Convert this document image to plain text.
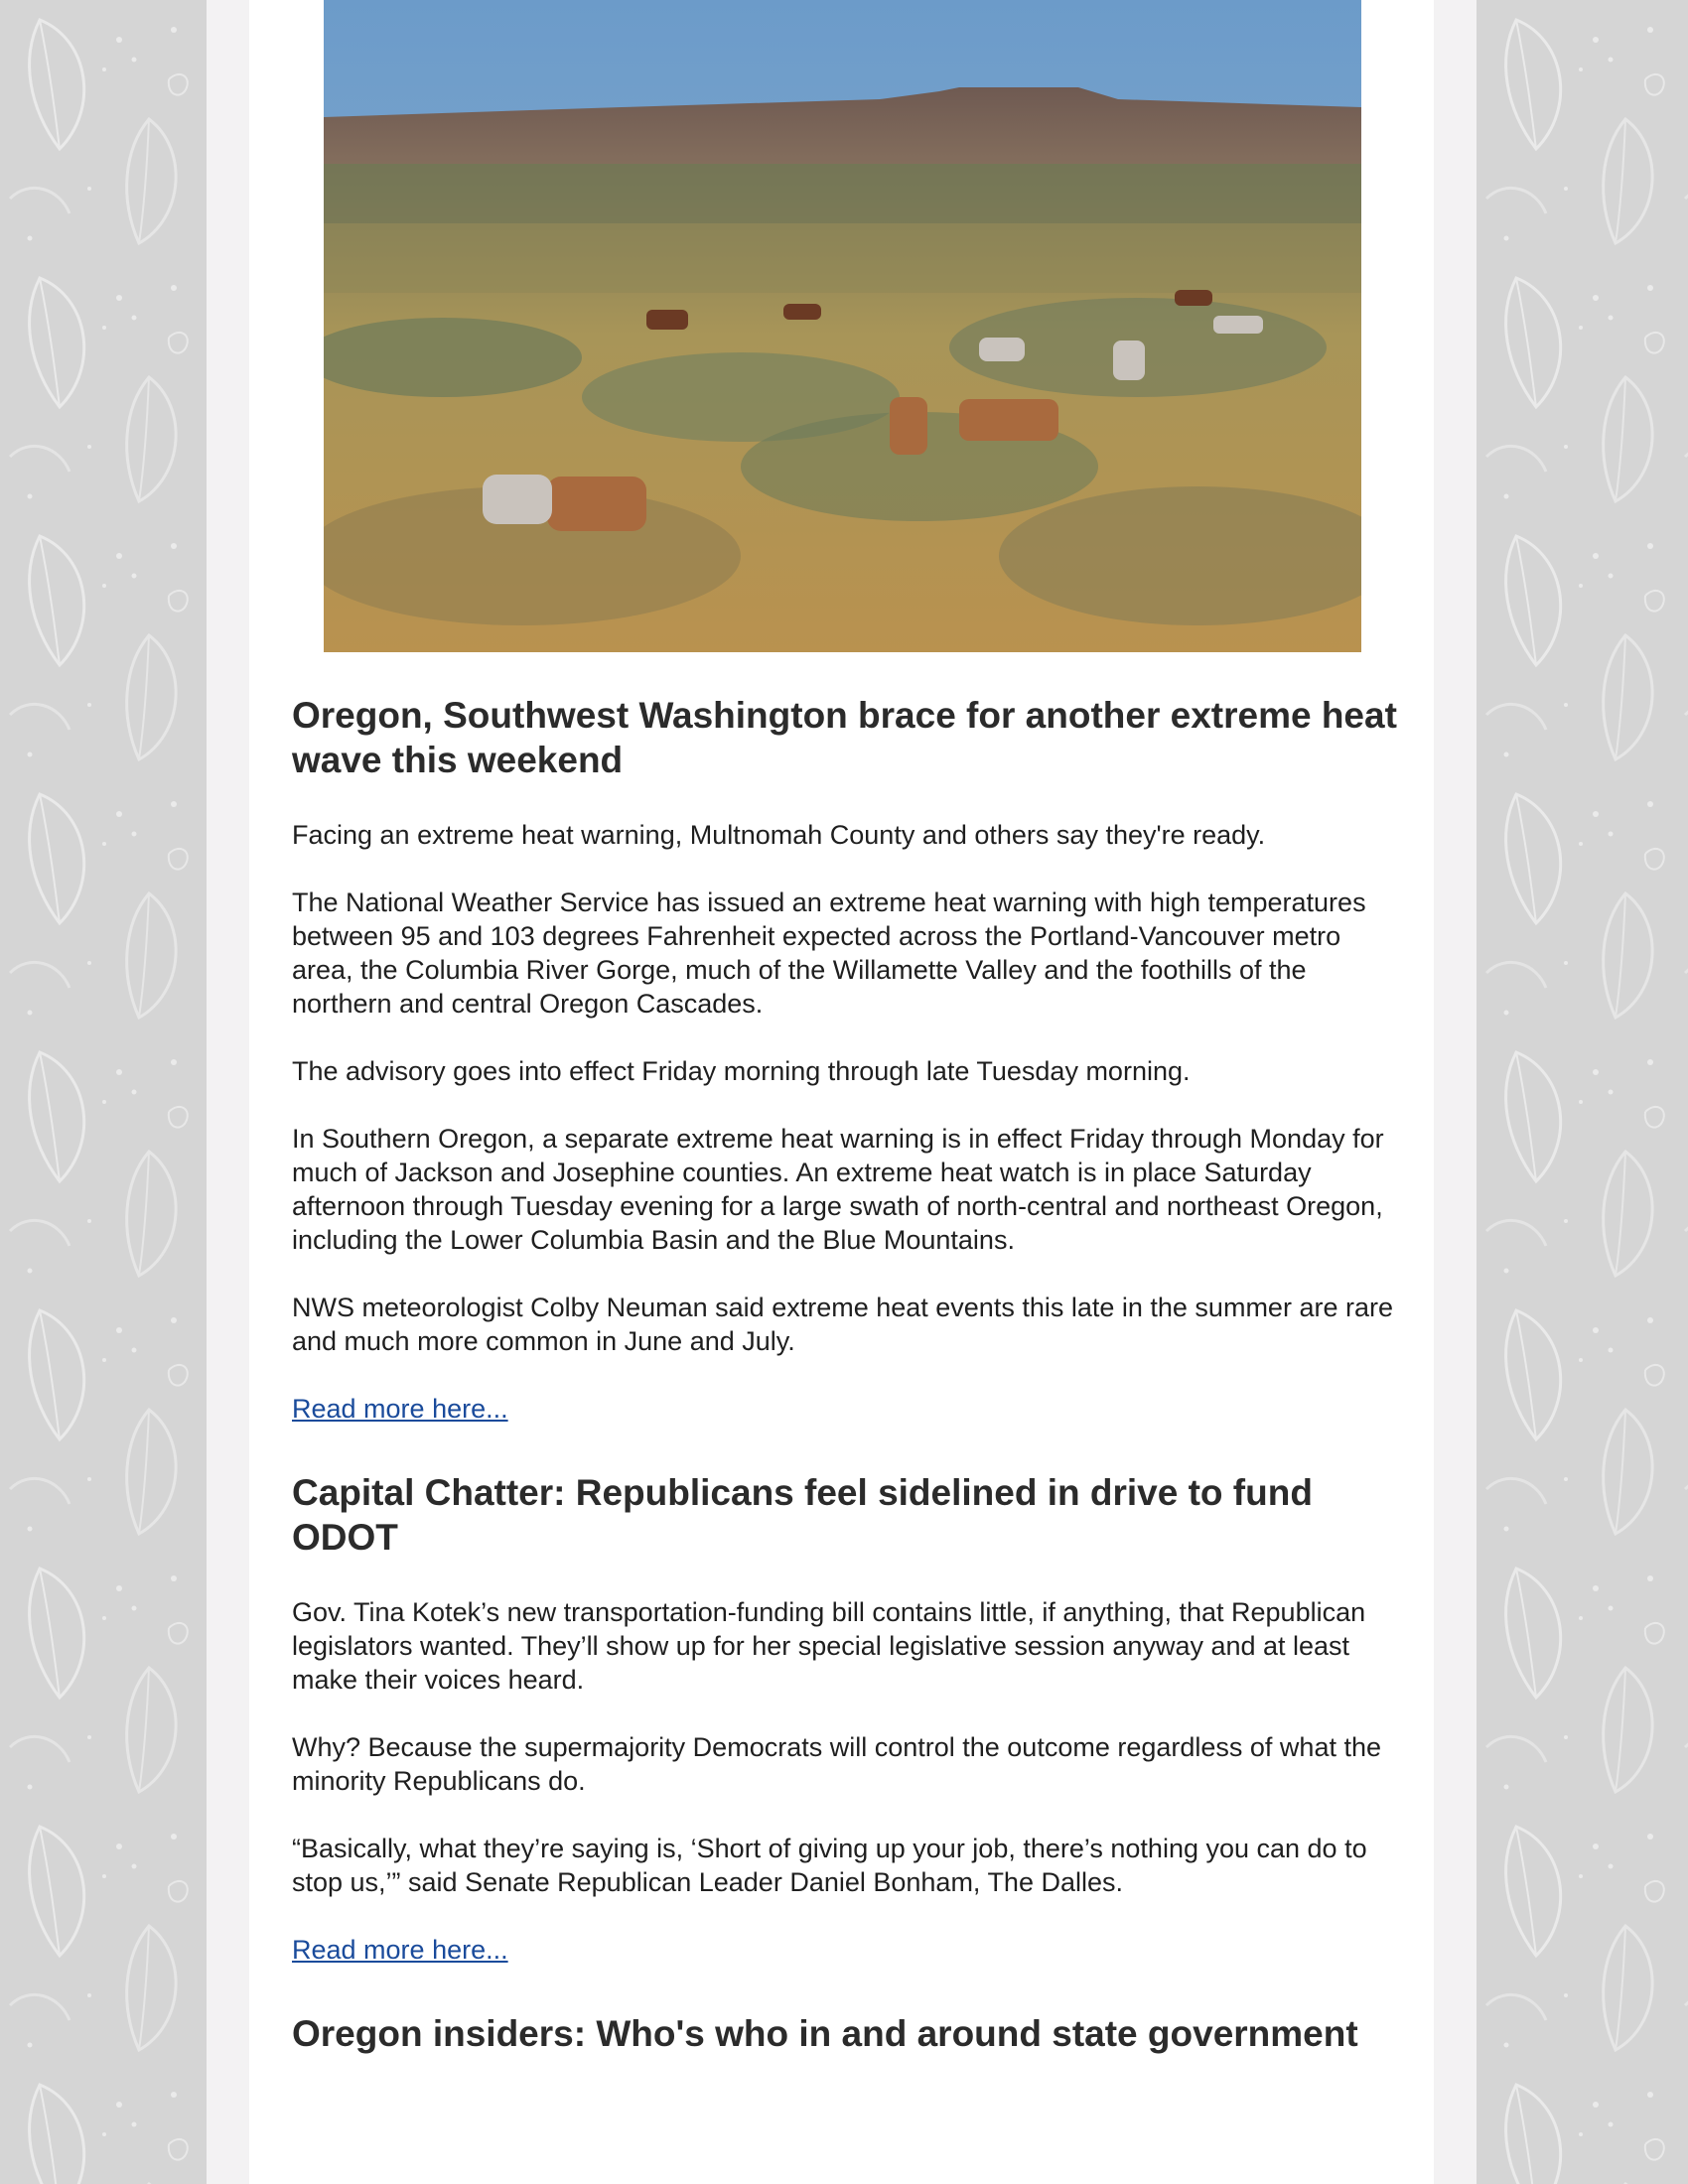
Oregon, Southwest Washington brace for another extreme heat wave this weekend

Facing an extreme heat warning, Multnomah County and others say they're ready.

The National Weather Service has issued an extreme heat warning with high temperatures between 95 and 103 degrees Fahrenheit expected across the Portland-Vancouver metro area, the Columbia River Gorge, much of the Willamette Valley and the foothills of the northern and central Oregon Cascades.

The advisory goes into effect Friday morning through late Tuesday morning.

In Southern Oregon, a separate extreme heat warning is in effect Friday through Monday for much of Jackson and Josephine counties. An extreme heat watch is in place Saturday afternoon through Tuesday evening for a large swath of north-central and northeast Oregon, including the Lower Columbia Basin and the Blue Mountains.

NWS meteorologist Colby Neuman said extreme heat events this late in the summer are rare and much more common in June and July.

Read more here...
Capital Chatter: Republicans feel sidelined in drive to fund ODOT

Gov. Tina Kotek’s new transportation-funding bill contains little, if anything, that Republican legislators wanted. They’ll show up for her special legislative session anyway and at least make their voices heard.

Why? Because the supermajority Democrats will control the outcome regardless of what the minority Republicans do.

“Basically, what they’re saying is, ‘Short of giving up your job, there’s nothing you can do to stop us,’” said Senate Republican Leader Daniel Bonham, The Dalles.

Read more here...
Oregon insiders: Who's who in and around state government
